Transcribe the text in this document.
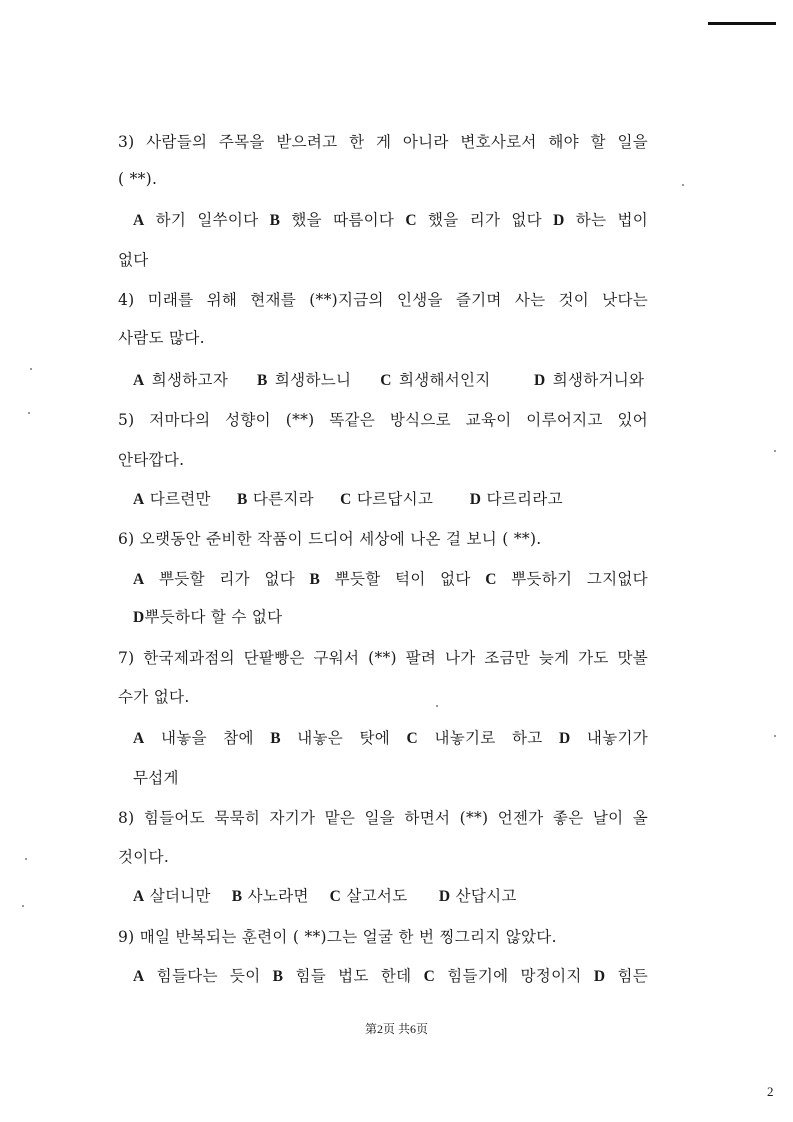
3) 사람들의 주목을 받으려고 한 게 아니라 변호사로서 해야 할 일을
( **).
A 하기 일쑤이다 B 했을 따름이다 C 했을 리가 없다 D 하는 법이
없다
4) 미래를 위해 현재를 (**)지금의 인생을 즐기며 사는 것이 낫다는
사람도 많다.
A 희생하고자 B 희생하느니 C 희생해서인지	D 희생하거니와
5) 저마다의 성향이 (**) 똑같은 방식으로 교육이 이루어지고 있어
안타깝다.
A 다르련만 B 다른지라 C 다르답시고 D 다르리라고
6) 오랫동안 준비한 작품이 드디어 세상에 나온 걸 보니 ( **).
A 뿌듯할 리가 없다 B 뿌듯할 턱이 없다 C 뿌듯하기 그지없다
D뿌듯하다 할 수 없다
7) 한국제과점의 단팥빵은 구워서 (**) 팔려 나가 조금만 늦게 가도 맛볼
수가 없다.
A 내놓을 참에 B 내놓은 탓에 C 내놓기로 하고 D 내놓기가
무섭게
8) 힘들어도 묵묵히 자기가 맡은 일을 하면서 (**) 언젠가 좋은 날이 올
것이다.
A 살더니만 B 사노라면 C 살고서도 D 산답시고
9) 매일 반복되는 훈련이 ( **)그는 얼굴 한 번 찡그리지 않았다.
A 힘들다는 듯이 B 힘들 법도 한데 C 힘들기에 망정이지 D 힘든
第2页 共6页
2
